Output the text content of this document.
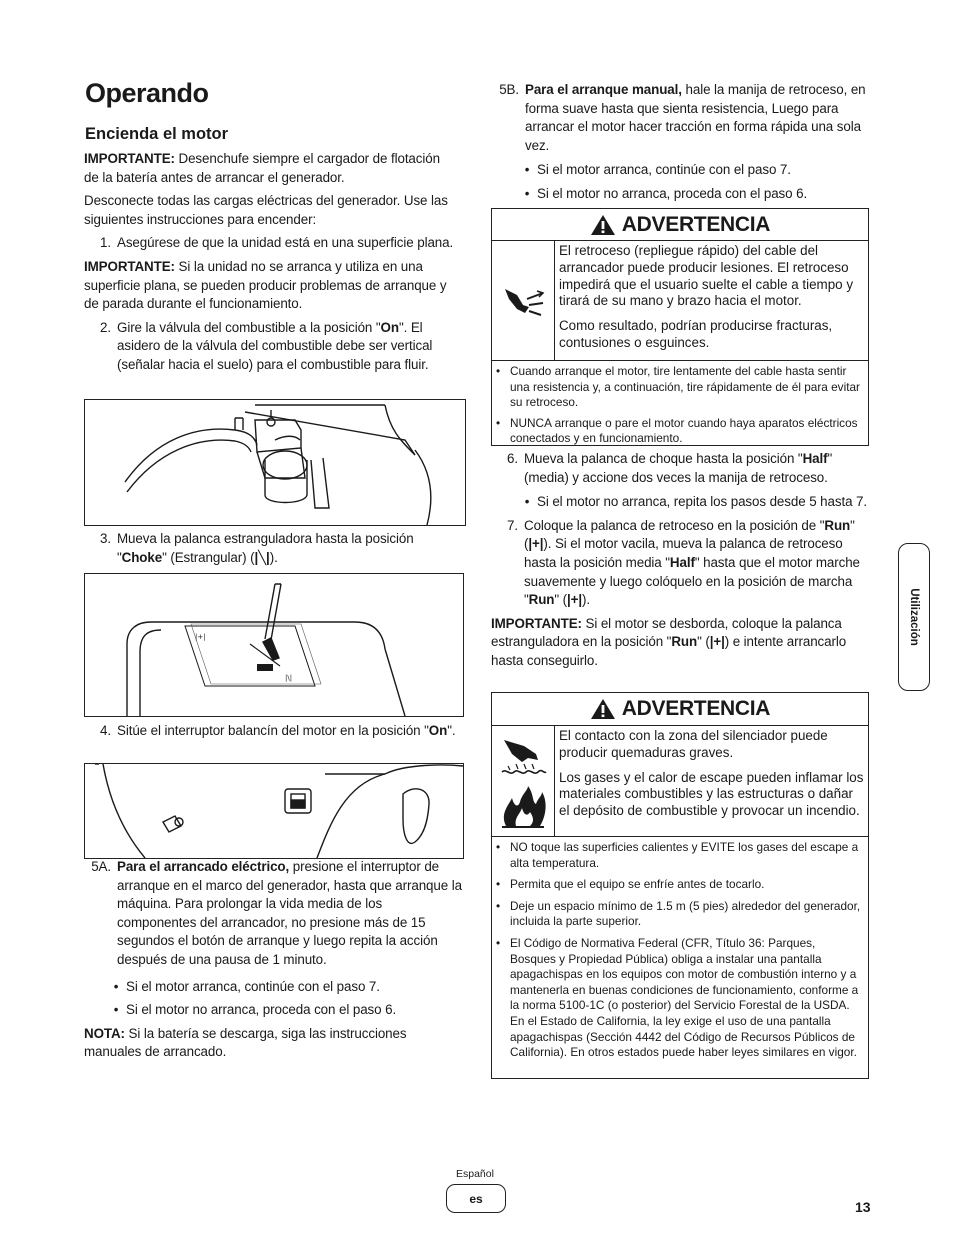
Operando
Encienda el motor

IMPORTANTE: Desenchufe siempre el cargador de flotación de la batería antes de arrancar el generador.

Desconecte todas las cargas eléctricas del generador. Use las siguientes instrucciones para encender:

1. Asegúrese de que la unidad está en una superficie plana.

IMPORTANTE: Si la unidad no se arranca y utiliza en una superficie plana, se pueden producir problemas de arranque y de parada durante el funcionamiento.

2. Gire la válvula del combustible a la posición "On". El asidero de la válvula del combustible debe ser vertical (señalar hacia el suelo) para el combustible para fluir.
3. Mueva la palanca estranguladora hasta la posición "Choke" (Estrangular) (|╲|).
|+|
|\|
4. Sitúe el interruptor balancín del motor en la posición "On".
5A. Para el arrancado eléctrico, presione el interruptor de arranque en el marco del generador, hasta que arranque la máquina. Para prolongar la vida media de los componentes del arrancador, no presione más de 15 segundos el botón de arranque y luego repita la acción después de una pausa de 1 minuto.
• Si el motor arranca, continúe con el paso 7.
• Si el motor no arranca, proceda con el paso 6.

NOTA: Si la batería se descarga, siga las instrucciones manuales de arrancado.

5B. Para el arranque manual, hale la manija de retroceso, en forma suave hasta que sienta resistencia, Luego para arrancar el motor hacer tracción en forma rápida una sola vez.
• Si el motor arranca, continúe con el paso 7.
• Si el motor no arranca, proceda con el paso 6.
ADVERTENCIA

El retroceso (repliegue rápido) del cable del arrancador puede producir lesiones. El retroceso impedirá que el usuario suelte el cable a tiempo y tirará de su mano y brazo hacia el motor.

Como resultado, podrían producirse fracturas, contusiones o esguinces.

• Cuando arranque el motor, tire lentamente del cable hasta sentir una resistencia y, a continuación, tire rápidamente de él para evitar su retroceso.
• NUNCA arranque o pare el motor cuando haya aparatos eléctricos conectados y en funcionamiento.
6. Mueva la palanca de choque hasta la posición "Half" (media) y accione dos veces la manija de retroceso.
• Si el motor no arranca, repita los pasos desde 5 hasta 7.
7. Coloque la palanca de retroceso en la posición de "Run" (|+|). Si el motor vacila, mueva la palanca de retroceso hasta la posición media "Half" hasta que el motor marche suavemente y luego colóquelo en la posición de marcha "Run" (|+|).

IMPORTANTE: Si el motor se desborda, coloque la palanca estranguladora en la posición "Run" (|+|) e intente arrancarlo hasta conseguirlo.

ADVERTENCIA

El contacto con la zona del silenciador puede producir quemaduras graves.

Los gases y el calor de escape pueden inflamar los materiales combustibles y las estructuras o dañar el depósito de combustible y provocar un incendio.

• NO toque las superficies calientes y EVITE los gases del escape a alta temperatura.
• Permita que el equipo se enfríe antes de tocarlo.
• Deje un espacio mínimo de 1.5 m (5 pies) alrededor del generador, incluida la parte superior.
• El Código de Normativa Federal (CFR, Título 36: Parques, Bosques y Propiedad Pública) obliga a instalar una pantalla apagachispas en los equipos con motor de combustión interno y a mantenerla en buenas condiciones de funcionamiento, conforme a la norma 5100-1C (o posterior) del Servicio Forestal de la USDA. En el Estado de California, la ley exige el uso de una pantalla apagachispas (Sección 4442 del Código de Recursos Públicos de California). En otros estados puede haber leyes similares en vigor.
Utilización
Español
es
13
